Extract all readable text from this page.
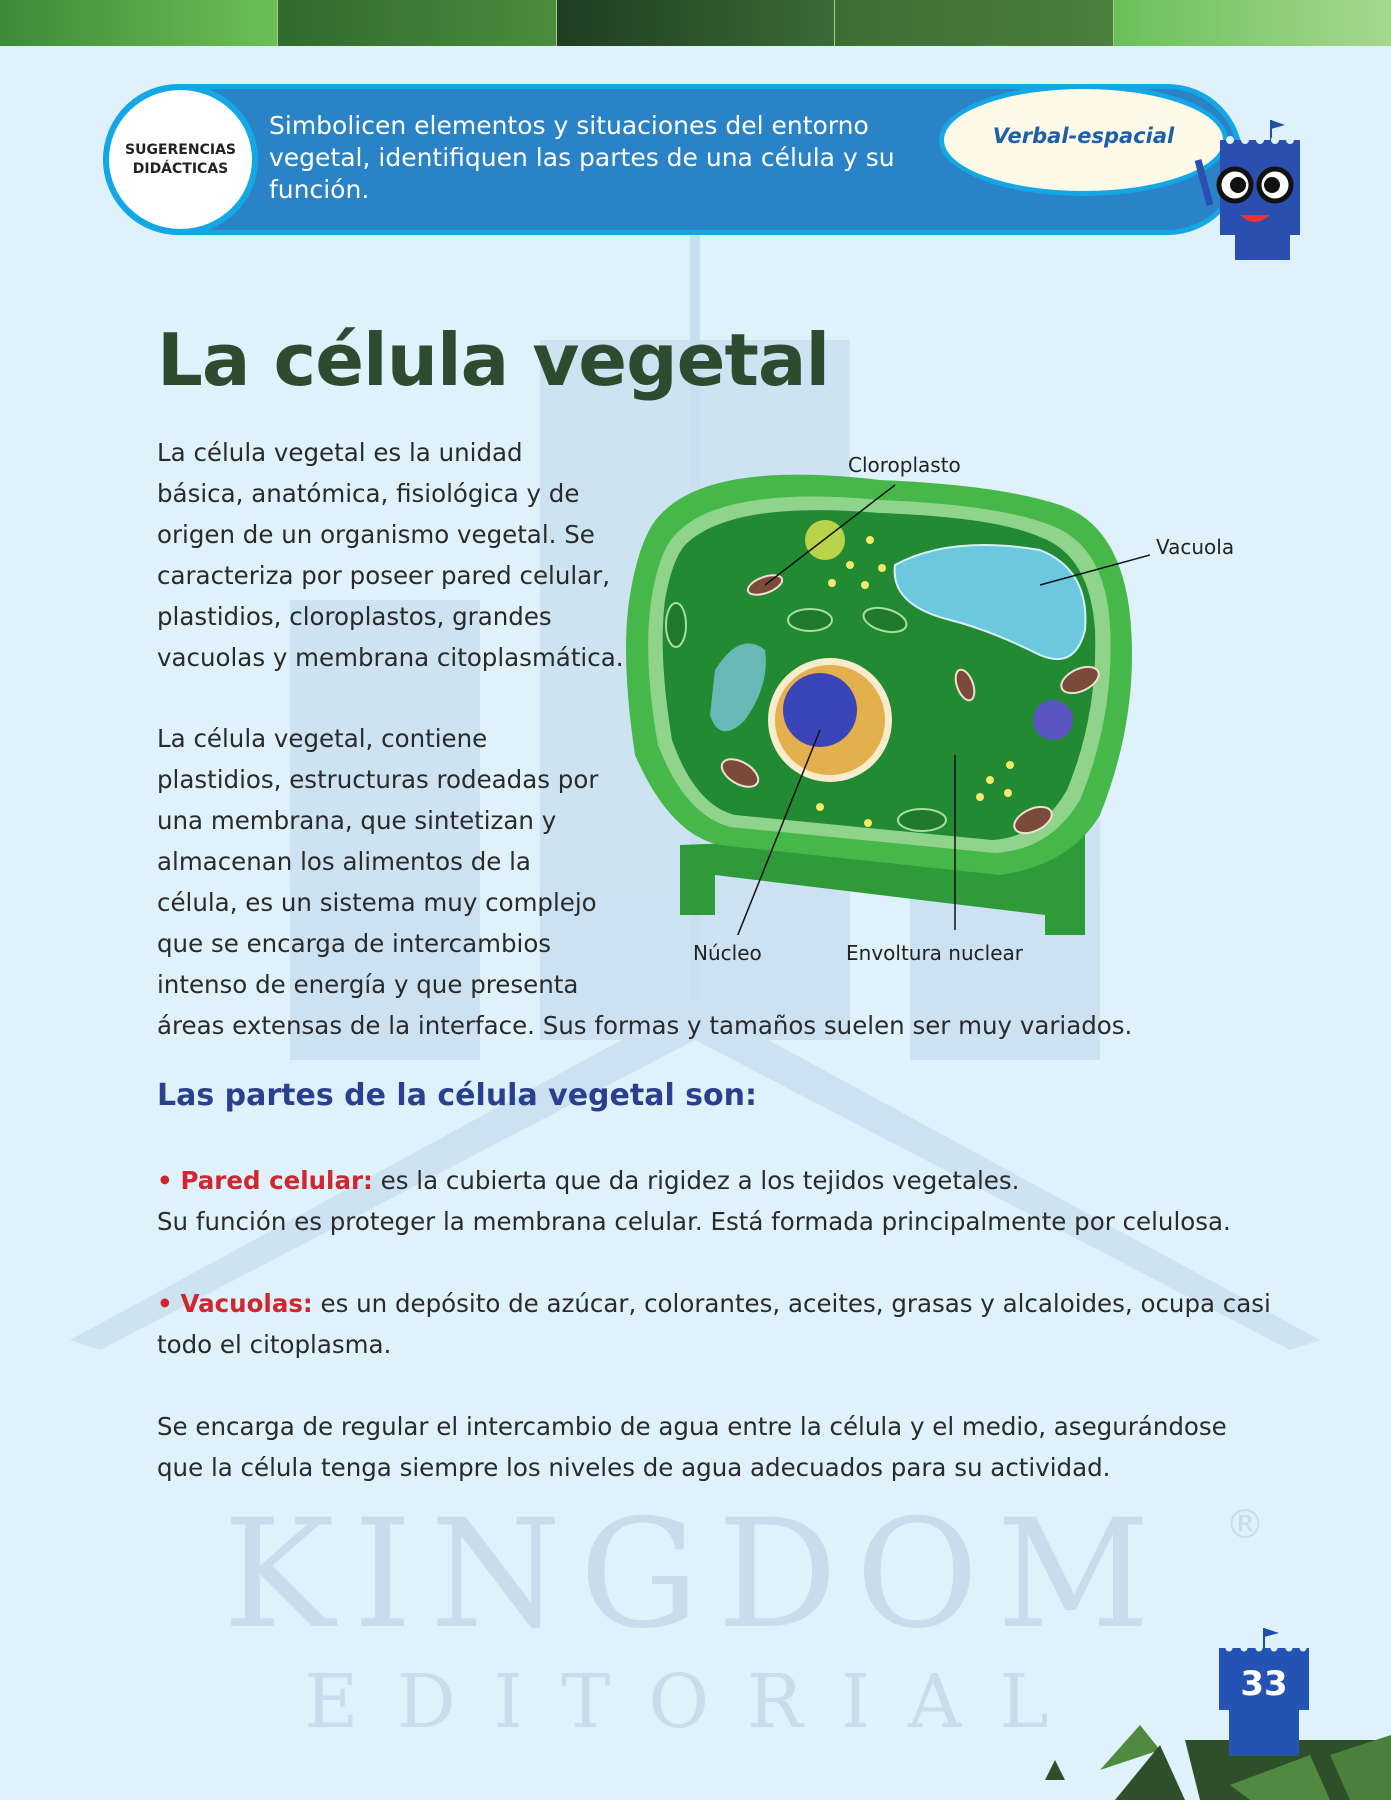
KINGDOM
EDITORIAL
®
SUGERENCIAS
DIDÁCTICAS
Simbolicen elementos y situaciones del entorno vegetal, identifiquen las partes de una célula y su función.
Verbal-espacial
La célula vegetal
La célula vegetal es la unidad
básica, anatómica, fisiológica y de
origen de un organismo vegetal. Se
caracteriza por poseer pared celular,
plastidios, cloroplastos, grandes
vacuolas y membrana citoplasmática.
La célula vegetal, contiene
plastidios, estructuras rodeadas por
una membrana, que sintetizan y
almacenan los alimentos de la
célula, es un sistema muy complejo
que se encarga de intercambios
intenso de energía y que presenta
áreas extensas de la interface. Sus formas y tamaños suelen ser muy variados.
Cloroplasto
Vacuola
Núcleo	Envoltura nuclear
Las partes de la célula vegetal son:
• Pared celular: es la cubierta que da rigidez a los tejidos vegetales.
Su función es proteger la membrana celular. Está formada principalmente por celulosa.
• Vacuolas: es un depósito de azúcar, colorantes, aceites, grasas y alcaloides, ocupa casi
todo el citoplasma.
Se encarga de regular el intercambio de agua entre la célula y el medio, asegurándose
que la célula tenga siempre los niveles de agua adecuados para su actividad.
33
